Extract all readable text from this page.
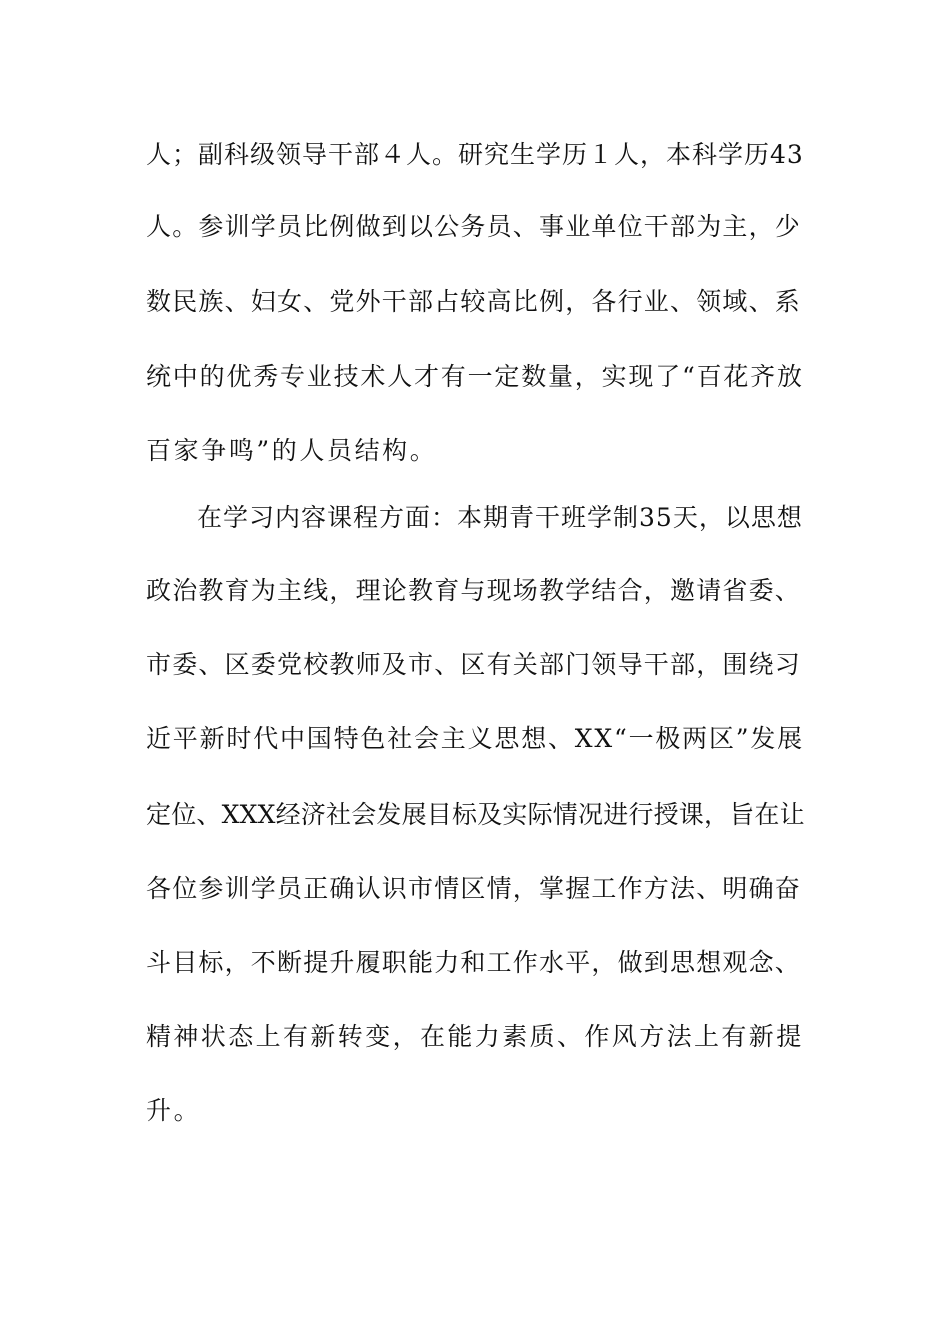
人；副科级领导干部４人。研究生学历１人，本科学历43
人。参训学员比例做到以公务员、事业单位干部为主，少
数民族、妇女、党外干部占较高比例，各行业、领域、系
统中的优秀专业技术人才有一定数量，实现了“百花齐放
百家争鸣”的人员结构。
在学习内容课程方面：本期青干班学制35天，以思想
政治教育为主线，理论教育与现场教学结合，邀请省委、
市委、区委党校教师及市、区有关部门领导干部，围绕习
近平新时代中国特色社会主义思想、XX“一极两区”发展
定位、XXX经济社会发展目标及实际情况进行授课，旨在让
各位参训学员正确认识市情区情，掌握工作方法、明确奋
斗目标，不断提升履职能力和工作水平，做到思想观念、
精神状态上有新转变，在能力素质、作风方法上有新提
升。
